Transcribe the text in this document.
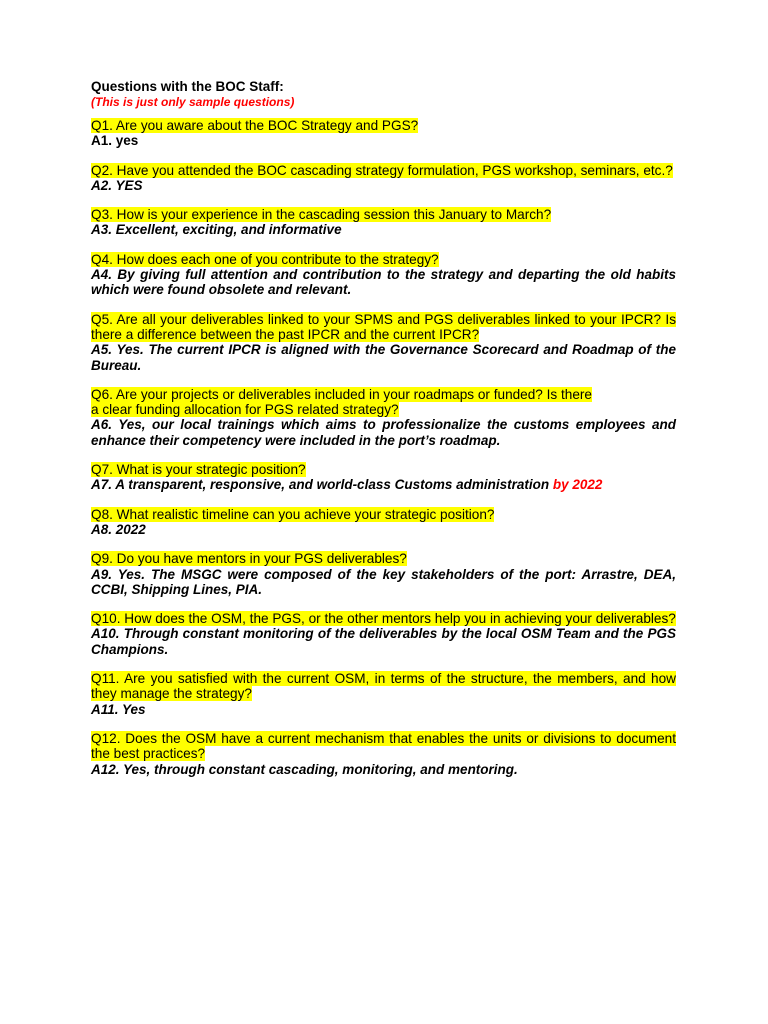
Questions with the BOC Staff:
(This is just only sample questions)
Q1. Are you aware about the BOC Strategy and PGS?
A1. yes
Q2. Have you attended the BOC cascading strategy formulation, PGS workshop, seminars, etc.?
A2. YES
Q3. How is your experience in the cascading session this January to March?
A3. Excellent, exciting, and informative
Q4. How does each one of you contribute to the strategy?
A4. By giving full attention and contribution to the strategy and departing the old habits which were found obsolete and relevant.
Q5. Are all your deliverables linked to your SPMS and PGS deliverables linked to your IPCR? Is there a difference between the past IPCR and the current IPCR?
A5. Yes. The current IPCR is aligned with the Governance Scorecard and Roadmap of the Bureau.
Q6. Are your projects or deliverables included in your roadmaps or funded? Is there
a clear funding allocation for PGS related strategy?
A6. Yes, our local trainings which aims to professionalize the customs employees and enhance their competency were included in the port’s roadmap.
Q7. What is your strategic position?
A7. A transparent, responsive, and world-class Customs administration by 2022
Q8. What realistic timeline can you achieve your strategic position?
A8. 2022
Q9. Do you have mentors in your PGS deliverables?
A9. Yes. The MSGC were composed of the key stakeholders of the port: Arrastre, DEA, CCBI, Shipping Lines, PIA.
Q10. How does the OSM, the PGS, or the other mentors help you in achieving your deliverables?
A10. Through constant monitoring of the deliverables by the local OSM Team and the PGS Champions.
Q11. Are you satisfied with the current OSM, in terms of the structure, the members, and how they manage the strategy?
A11. Yes
Q12. Does the OSM have a current mechanism that enables the units or divisions to document the best practices?
A12. Yes, through constant cascading, monitoring, and mentoring.
